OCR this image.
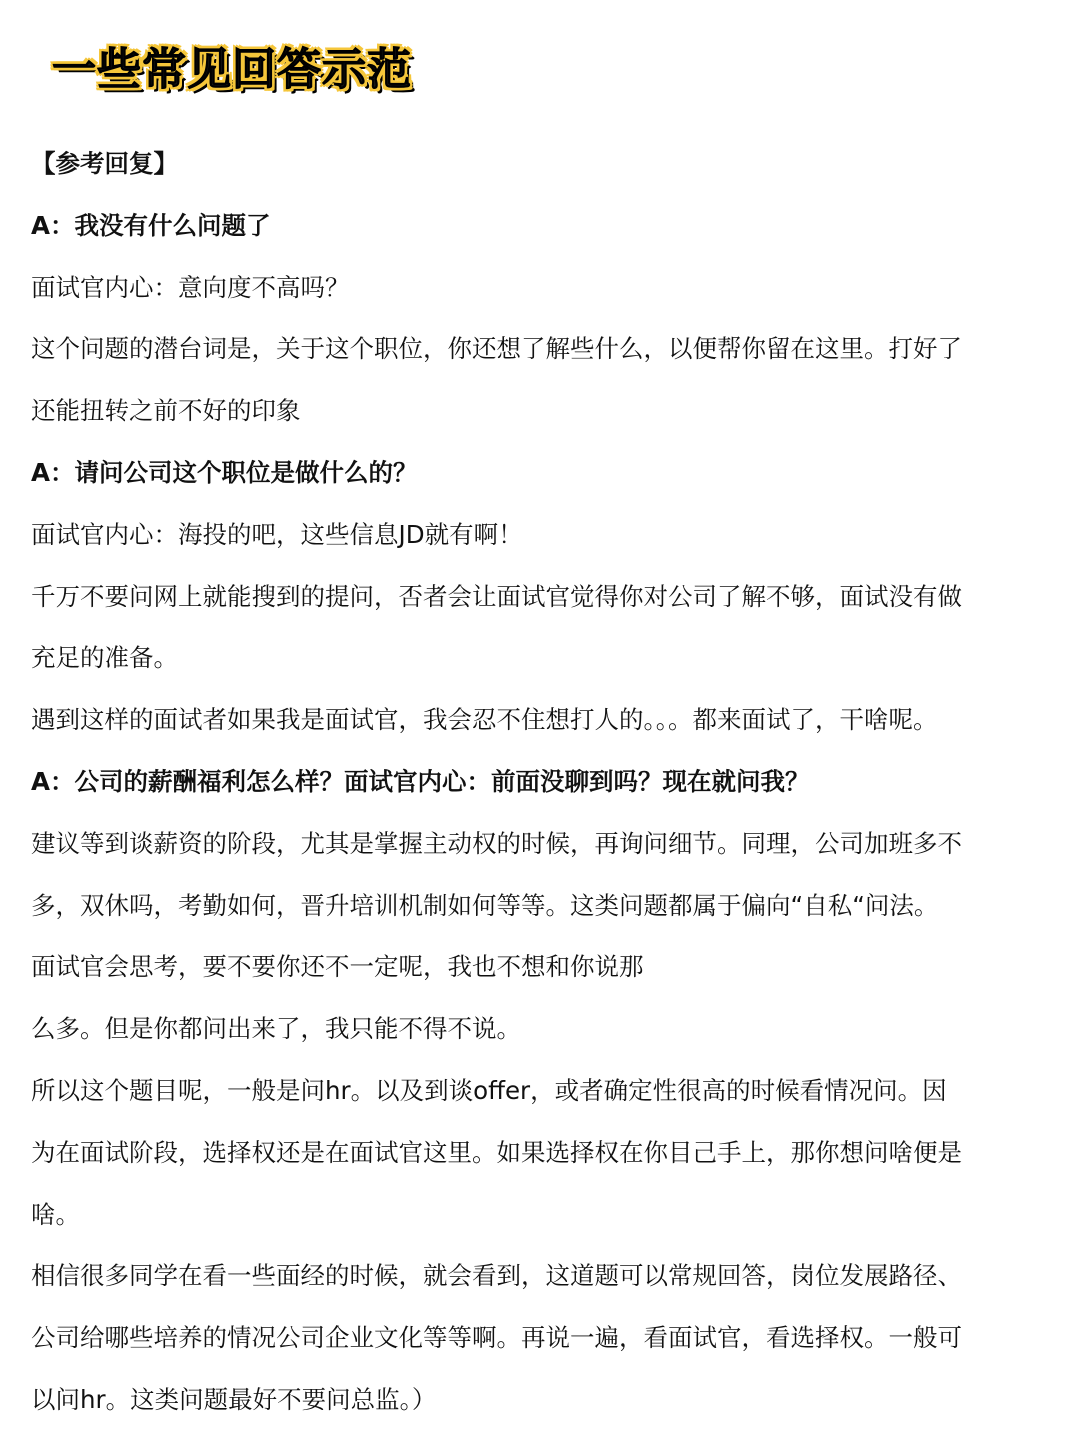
一些常见回答示范
【参考回复】
A：我没有什么问题了
面试官内心：意向度不高吗？
这个问题的潜台词是，关于这个职位，你还想了解些什么，以便帮你留在这里。打好了
还能扭转之前不好的印象
A：请问公司这个职位是做什么的？
面试官内心：海投的吧，这些信息JD就有啊！
千万不要问网上就能搜到的提问，否者会让面试官觉得你对公司了解不够，面试没有做
充足的准备。
遇到这样的面试者如果我是面试官，我会忍不住想打人的。。。都来面试了，干啥呢。
A：公司的薪酬福利怎么样？面试官内心：前面没聊到吗？现在就问我？
建议等到谈薪资的阶段，尤其是掌握主动权的时候，再询问细节。同理，公司加班多不
多，双休吗，考勤如何，晋升培训机制如何等等。这类问题都属于偏向“自私“问法。
面试官会思考，要不要你还不一定呢，我也不想和你说那
么多。但是你都问出来了，我只能不得不说。
所以这个题目呢，一般是问hr。以及到谈offer，或者确定性很高的时候看情况问。因
为在面试阶段，选择权还是在面试官这里。如果选择权在你目己手上，那你想问啥便是
啥。
相信很多同学在看一些面经的时候，就会看到，这道题可以常规回答，岗位发展路径、
公司给哪些培养的情况公司企业文化等等啊。再说一遍，看面试官，看选择权。一般可
以问hr。这类问题最好不要问总监。）
